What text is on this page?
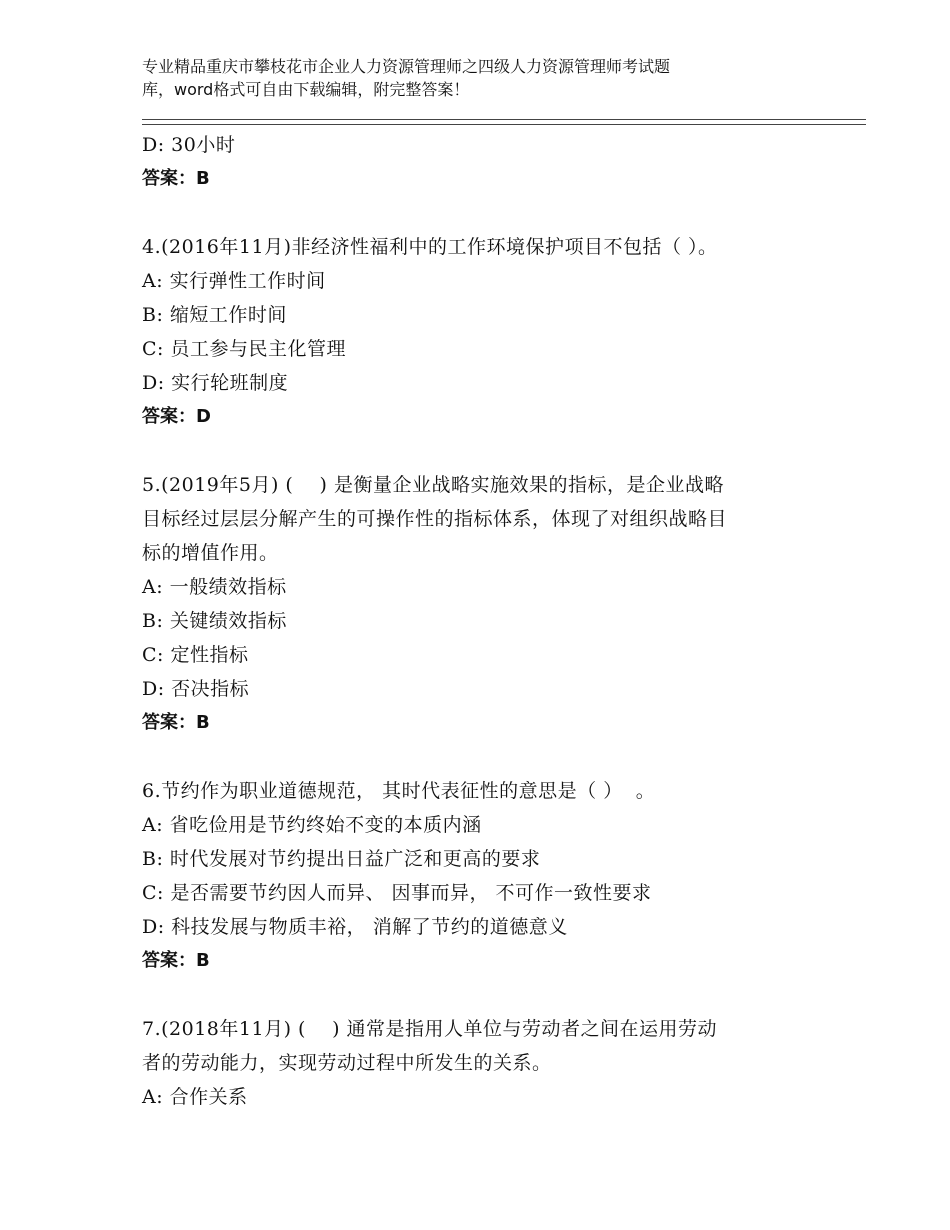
专业精品重庆市攀枝花市企业人力资源管理师之四级人力资源管理师考试题
库，word格式可自由下载编辑，附完整答案！
D: 30小时
答案：B
4.(2016年11月)非经济性福利中的工作环境保护项目不包括（ ）。
A: 实行弹性工作时间
B: 缩短工作时间
C: 员工参与民主化管理
D: 实行轮班制度
答案：D
5.(2019年5月) (    ) 是衡量企业战略实施效果的指标，是企业战略
目标经过层层分解产生的可操作性的指标体系，体现了对组织战略目
标的增值作用。
A: 一般绩效指标
B: 关键绩效指标
C: 定性指标
D: 否决指标
答案：B
6.节约作为职业道德规范， 其时代表征性的意思是（ ）  。
A: 省吃俭用是节约终始不变的本质内涵
B: 时代发展对节约提出日益广泛和更高的要求
C: 是否需要节约因人而异、 因事而异， 不可作一致性要求
D: 科技发展与物质丰裕， 消解了节约的道德意义
答案：B
7.(2018年11月) (    ) 通常是指用人单位与劳动者之间在运用劳动
者的劳动能力，实现劳动过程中所发生的关系。
A: 合作关系
